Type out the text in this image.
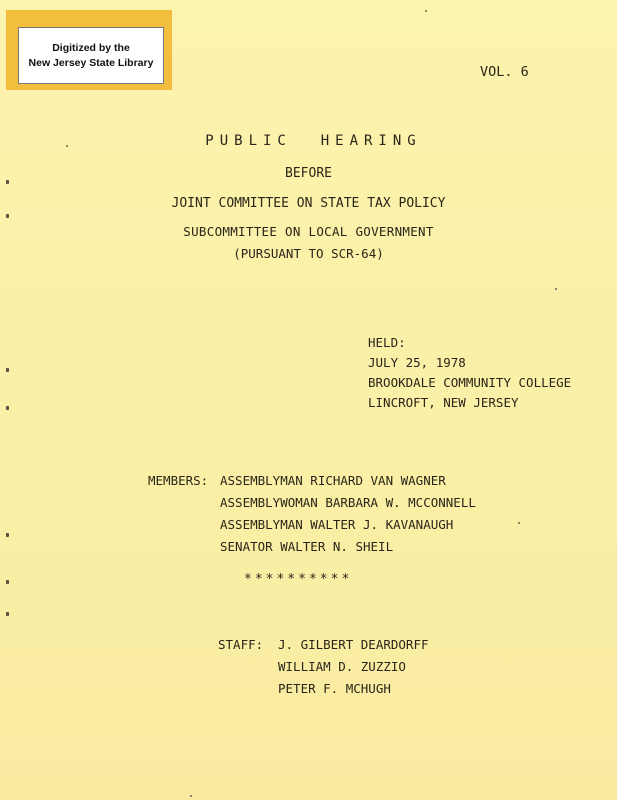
Digitized by the
New Jersey State Library
VOL. 6
PUBLIC  HEARING
BEFORE
JOINT COMMITTEE ON STATE TAX POLICY
SUBCOMMITTEE ON LOCAL GOVERNMENT
(PURSUANT TO SCR-64)
HELD:
JULY 25, 1978
BROOKDALE COMMUNITY COLLEGE
LINCROFT, NEW JERSEY
MEMBERS: ASSEMBLYMAN RICHARD VAN WAGNER
ASSEMBLYWOMAN BARBARA W. MCCONNELL
ASSEMBLYMAN WALTER J. KAVANAUGH
SENATOR WALTER N. SHEIL
**********
STAFF:	J. GILBERT DEARDORFF
WILLIAM D. ZUZZIO
PETER F. MCHUGH
